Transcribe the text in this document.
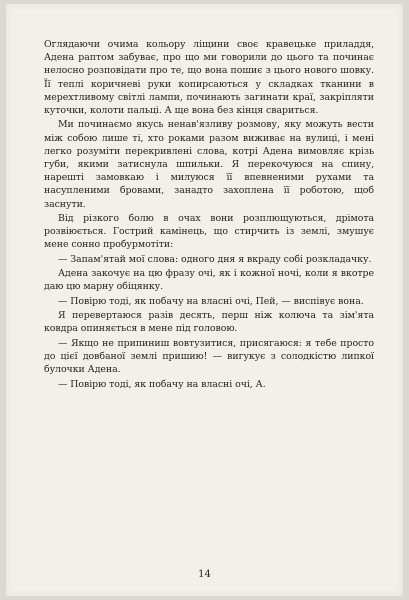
Оглядаючи очима кольору ліщини своє кравецьке приладдя, Адена раптом забуває, про що ми говорили до цього та починає нелосно розповідати про те, що вона пошиє з цього нового шовку. Її теплі коричневі руки копирсаються у складках тканини в мерехтливому світлі лампи, починають загинати краї, закріпляти куточки, колоти пальці. А ще вона без кінця свариться.

Ми починаємо якусь ненав'язливу розмову, яку можуть вести між собою лише ті, хто роками разом виживає на вулиці, і мені легко розуміти перекривлені слова, котрі Адена вимовляє крізь губи, якими затиснула шпильки. Я перекочуюся на спину, нарешті замовкаю і милуюся її впевненими рухами та насупленими бровами, занадто захоплена її роботою, щоб заснути.

Від різкого болю в очах вони розплющуються, дрімота розвіюється. Гострий камінець, що стирчить із землі, змушує мене сонно пробурмотіти:

— Запам'ятай мої слова: одного дня я вкраду собі розкладачку.

Адена закочує на цю фразу очі, як і кожної ночі, коли я вкотре даю цю марну обіцянку.

— Повірю тоді, як побачу на власні очі, Пей, — виспівує вона.

Я перевертаюся разів десять, перш ніж колюча та зім'ята ковдра опиняється в мене під головою.

— Якщо не припиниш вовтузитися, присягаюся: я тебе просто до цієї довбаної землі пришию! — вигукує з солодкістю липкої булочки Адена.

— Повірю тоді, як побачу на власні очі, А.

14
